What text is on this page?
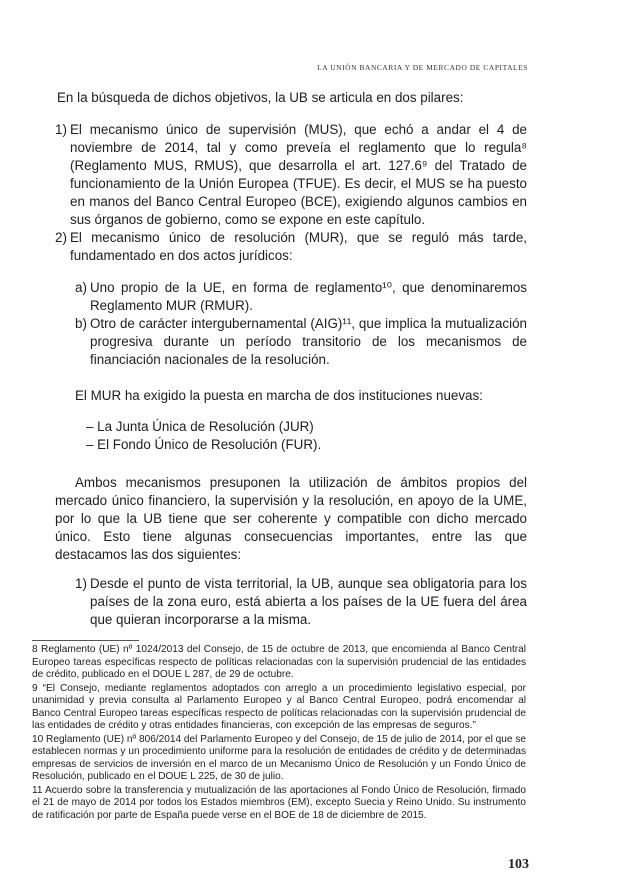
LA UNIÓN BANCARIA Y DE MERCADO DE CAPITALES

En la búsqueda de dichos objetivos, la UB se articula en dos pilares:

1) El mecanismo único de supervisión (MUS), que echó a andar el 4 de noviembre de 2014, tal y como preveía el reglamento que lo regula⁸ (Reglamento MUS, RMUS), que desarrolla el art. 127.6⁹ del Tratado de funcionamiento de la Unión Europea (TFUE). Es decir, el MUS se ha puesto en manos del Banco Central Europeo (BCE), exigiendo algunos cambios en sus órganos de gobierno, como se expone en este capítulo.
2) El mecanismo único de resolución (MUR), que se reguló más tarde, fundamentado en dos actos jurídicos:
a) Uno propio de la UE, en forma de reglamento¹⁰, que denominaremos Reglamento MUR (RMUR).
b) Otro de carácter intergubernamental (AIG)¹¹, que implica la mutualización progresiva durante un período transitorio de los mecanismos de financiación nacionales de la resolución.

El MUR ha exigido la puesta en marcha de dos instituciones nuevas:

– La Junta Única de Resolución (JUR)
– El Fondo Único de Resolución (FUR).

Ambos mecanismos presuponen la utilización de ámbitos propios del mercado único financiero, la supervisión y la resolución, en apoyo de la UME, por lo que la UB tiene que ser coherente y compatible con dicho mercado único. Esto tiene algunas consecuencias importantes, entre las que destacamos las dos siguientes:

1) Desde el punto de vista territorial, la UB, aunque sea obligatoria para los países de la zona euro, está abierta a los países de la UE fuera del área que quieran incorporarse a la misma.

8 Reglamento (UE) nº 1024/2013 del Consejo, de 15 de octubre de 2013, que encomienda al Banco Central Europeo tareas específicas respecto de políticas relacionadas con la supervisión prudencial de las entidades de crédito, publicado en el DOUE L 287, de 29 de octubre.

9 “El Consejo, mediante reglamentos adoptados con arreglo a un procedimiento legislativo especial, por unanimidad y previa consulta al Parlamento Europeo y al Banco Central Europeo, podrá encomendar al Banco Central Europeo tareas específicas respecto de políticas relacionadas con la supervisión prudencial de las entidades de crédito y otras entidades financieras, con excepción de las empresas de seguros.”

10 Reglamento (UE) nº 806/2014 del Parlamento Europeo y del Consejo, de 15 de julio de 2014, por el que se establecen normas y un procedimiento uniforme para la resolución de entidades de crédito y de determinadas empresas de servicios de inversión en el marco de un Mecanismo Único de Resolución y un Fondo Único de Resolución, publicado en el DOUE L 225, de 30 de julio.

11 Acuerdo sobre la transferencia y mutualización de las aportaciones al Fondo Único de Resolución, firmado el 21 de mayo de 2014 por todos los Estados miembros (EM), excepto Suecia y Reino Unido. Su instrumento de ratificación por parte de España puede verse en el BOE de 18 de diciembre de 2015.

103
